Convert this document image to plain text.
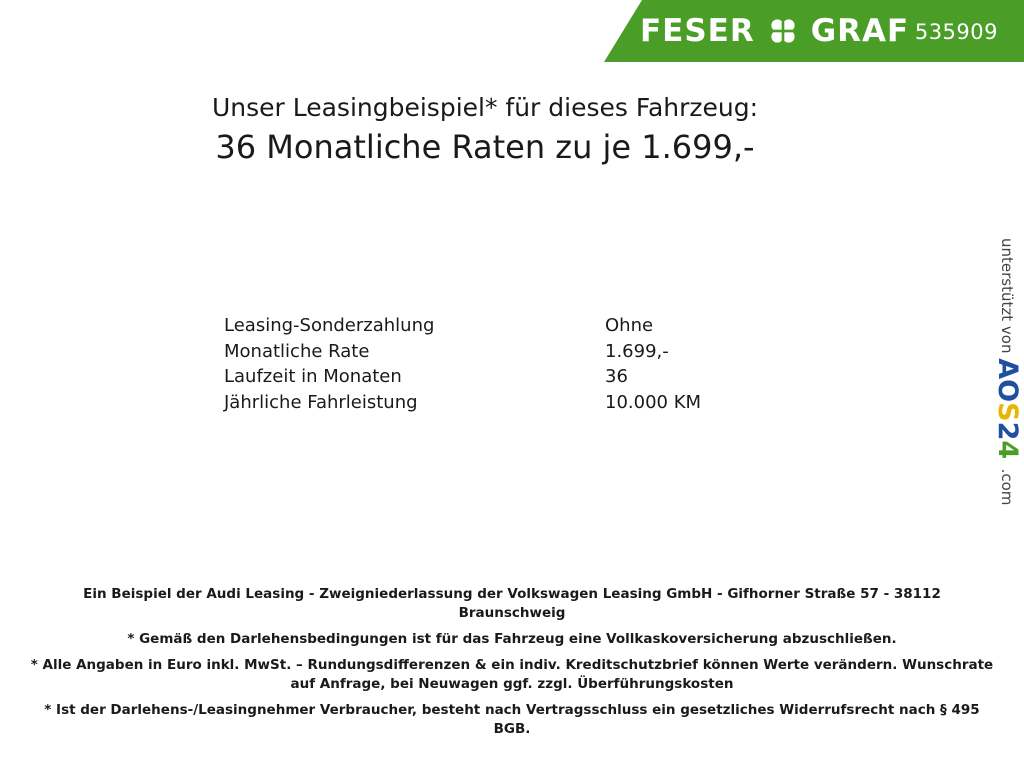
FESER GRAF 535909
Unser Leasingbeispiel* für dieses Fahrzeug:
36 Monatliche Raten zu je 1.699,-
Leasing-Sonderzahlung	Ohne
Monatliche Rate	1.699,-
Laufzeit in Monaten	36
Jährliche Fahrleistung	10.000 KM
unterstützt von AOS24 .com

Ein Beispiel der Audi Leasing - Zweigniederlassung der Volkswagen Leasing GmbH - Gifhorner Straße 57 - 38112 Braunschweig

* Gemäß den Darlehensbedingungen ist für das Fahrzeug eine Vollkaskoversicherung abzuschließen.

* Alle Angaben in Euro inkl. MwSt. – Rundungsdifferenzen & ein indiv. Kreditschutzbrief können Werte verändern. Wunschrate auf Anfrage, bei Neuwagen ggf. zzgl. Überführungskosten

* Ist der Darlehens-/Leasingnehmer Verbraucher, besteht nach Vertragsschluss ein gesetzliches Widerrufsrecht nach § 495 BGB.
